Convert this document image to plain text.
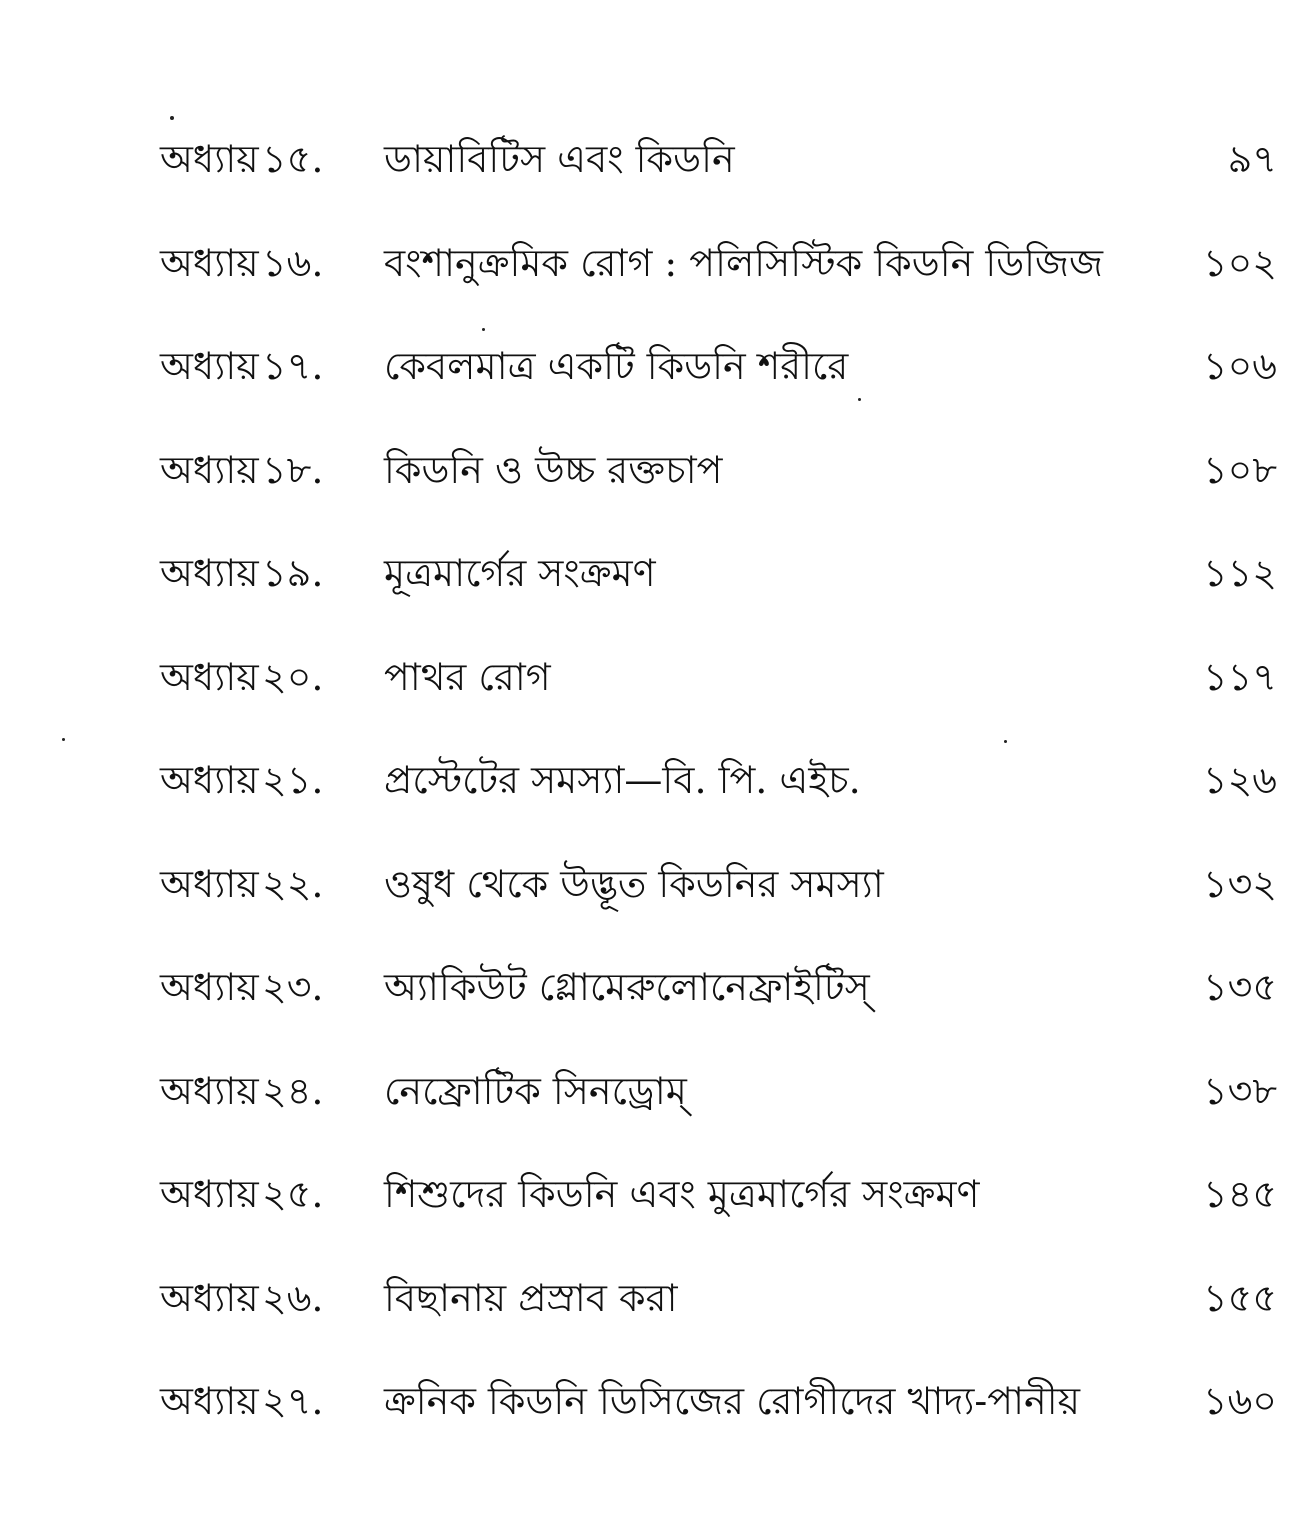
অধ্যায় ১৫. ডায়াবিটিস এবং কিডনি	৯৭
অধ্যায় ১৬. বংশানুক্রমিক রোগ : পলিসিস্টিক কিডনি ডিজিজ	১০২
অধ্যায় ১৭. কেবলমাত্র একটি কিডনি শরীরে	১০৬
অধ্যায় ১৮. কিডনি ও উচ্চ রক্তচাপ	১০৮
অধ্যায় ১৯. মূত্রমার্গের সংক্রমণ	১১২
অধ্যায় ২০. পাথর রোগ	১১৭
অধ্যায় ২১. প্রস্টেটের সমস্যা—বি. পি. এইচ.	১২৬
অধ্যায় ২২. ওষুধ থেকে উদ্ভূত কিডনির সমস্যা	১৩২
অধ্যায় ২৩. অ্যাকিউট গ্লোমেরুলোনেফ্রাইটিস্	১৩৫
অধ্যায় ২৪. নেফ্রোটিক সিনড্রোম্	১৩৮
অধ্যায় ২৫. শিশুদের কিডনি এবং মুত্রমার্গের সংক্রমণ	১৪৫
অধ্যায় ২৬. বিছানায় প্রস্রাব করা	১৫৫
অধ্যায় ২৭. ক্রনিক কিডনি ডিসিজের রোগীদের খাদ্য-পানীয়	১৬০
